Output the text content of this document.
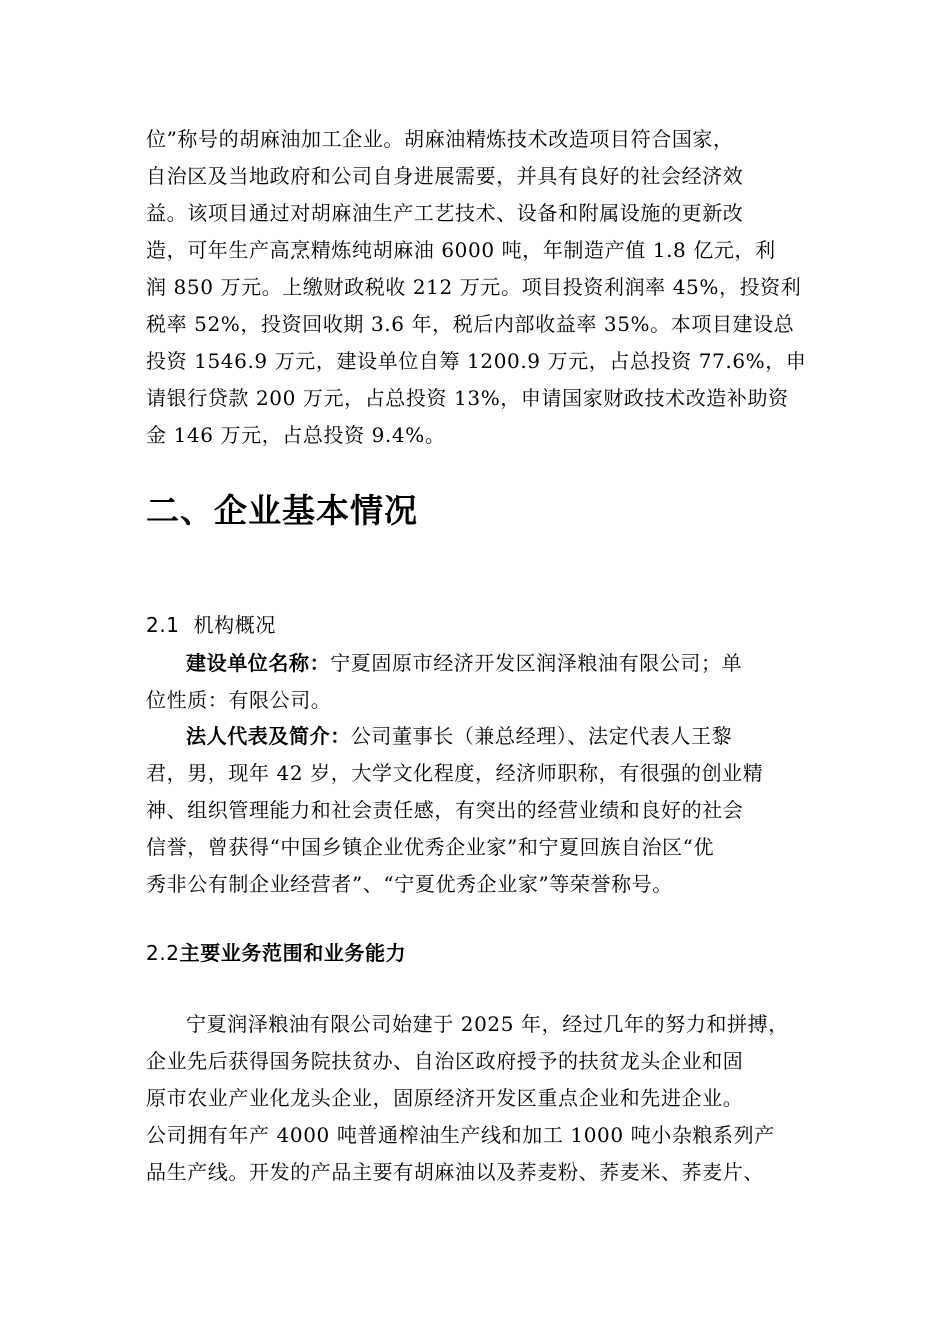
位”称号的胡麻油加工企业。胡麻油精炼技术改造项目符合国家，
自治区及当地政府和公司自身进展需要，并具有良好的社会经济效
益。该项目通过对胡麻油生产工艺技术、设备和附属设施的更新改
造，可年生产高烹精炼纯胡麻油 6000 吨，年制造产值 1.8 亿元，利
润 850 万元。上缴财政税收 212 万元。项目投资利润率 45%，投资利
税率 52%，投资回收期 3.6 年，税后内部收益率 35%。本项目建设总
投资 1546.9 万元，建设单位自筹 1200.9 万元，占总投资 77.6%，申
请银行贷款 200 万元，占总投资 13%，申请国家财政技术改造补助资
金 146 万元，占总投资 9.4%。
二、企业基本情况
2.1 机构概况
建设单位名称：宁夏固原市经济开发区润泽粮油有限公司；单
位性质：有限公司。
法人代表及简介：公司董事长（兼总经理）、法定代表人王黎
君，男，现年 42 岁，大学文化程度，经济师职称，有很强的创业精
神、组织管理能力和社会责任感，有突出的经营业绩和良好的社会
信誉，曾获得“中国乡镇企业优秀企业家”和宁夏回族自治区“优
秀非公有制企业经营者”、“宁夏优秀企业家”等荣誉称号。
2.2主要业务范围和业务能力
宁夏润泽粮油有限公司始建于 2025 年，经过几年的努力和拼搏，
企业先后获得国务院扶贫办、自治区政府授予的扶贫龙头企业和固
原市农业产业化龙头企业，固原经济开发区重点企业和先进企业。
公司拥有年产 4000 吨普通榨油生产线和加工 1000 吨小杂粮系列产
品生产线。开发的产品主要有胡麻油以及荞麦粉、荞麦米、荞麦片、
